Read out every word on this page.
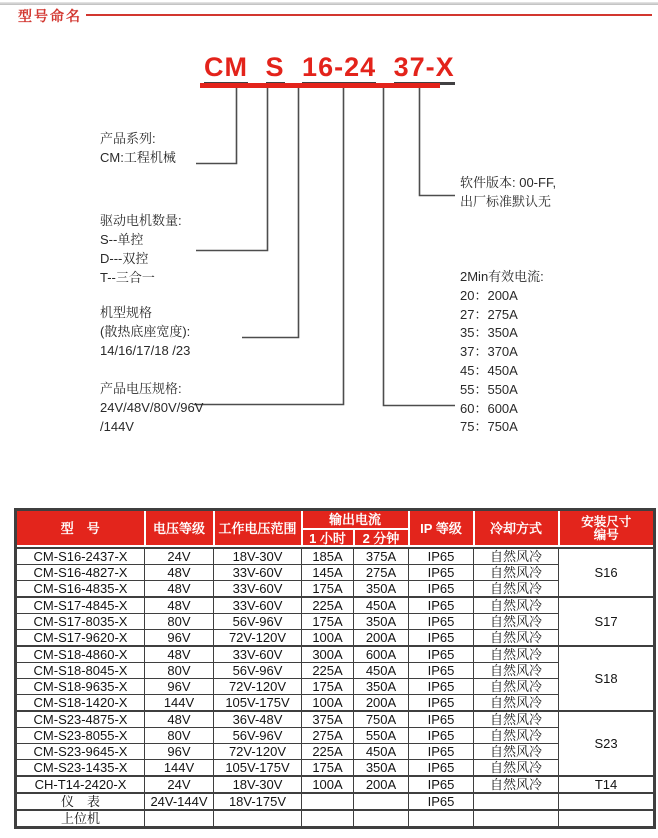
型号命名
CM S 16-24 37-X
产品系列:
CM:工程机械
驱动电机数量:
S--单控
D---双控
T--三合一
机型规格
(散热底座宽度):
14/16/17/18 /23
产品电压规格:
24V/48V/80V/96V
/144V
软件版本: 00-FF,
出厂标准默认无
2Min有效电流:
20：200A
27：275A
35：350A
37：370A
45：450A
55：550A
60：600A
75：750A
型　号	电压等级	工作电压范围	输出电流		IP 等级	冷却方式	安装尺寸
编号

			1 小时	2 分钟			
CM-S16-2437-X	24V	18V-30V	185A	375A	IP65	自然风冷	S16
CM-S16-4827-X	48V	33V-60V	145A	275A	IP65	自然风冷	
CM-S16-4835-X	48V	33V-60V	175A	350A	IP65	自然风冷	
CM-S17-4845-X	48V	33V-60V	225A	450A	IP65	自然风冷	S17
CM-S17-8035-X	80V	56V-96V	175A	350A	IP65	自然风冷	
CM-S17-9620-X	96V	72V-120V	100A	200A	IP65	自然风冷	
CM-S18-4860-X	48V	33V-60V	300A	600A	IP65	自然风冷	S18
CM-S18-8045-X	80V	56V-96V	225A	450A	IP65	自然风冷	
CM-S18-9635-X	96V	72V-120V	175A	350A	IP65	自然风冷	
CM-S18-1420-X	144V	105V-175V	100A	200A	IP65	自然风冷	
CM-S23-4875-X	48V	36V-48V	375A	750A	IP65	自然风冷	S23
CM-S23-8055-X	80V	56V-96V	275A	550A	IP65	自然风冷	
CM-S23-9645-X	96V	72V-120V	225A	450A	IP65	自然风冷	
CM-S23-1435-X	144V	105V-175V	175A	350A	IP65	自然风冷	
CH-T14-2420-X	24V	18V-30V	100A	200A	IP65	自然风冷	T14
仪　表	24V-144V	18V-175V			IP65		
上位机							
